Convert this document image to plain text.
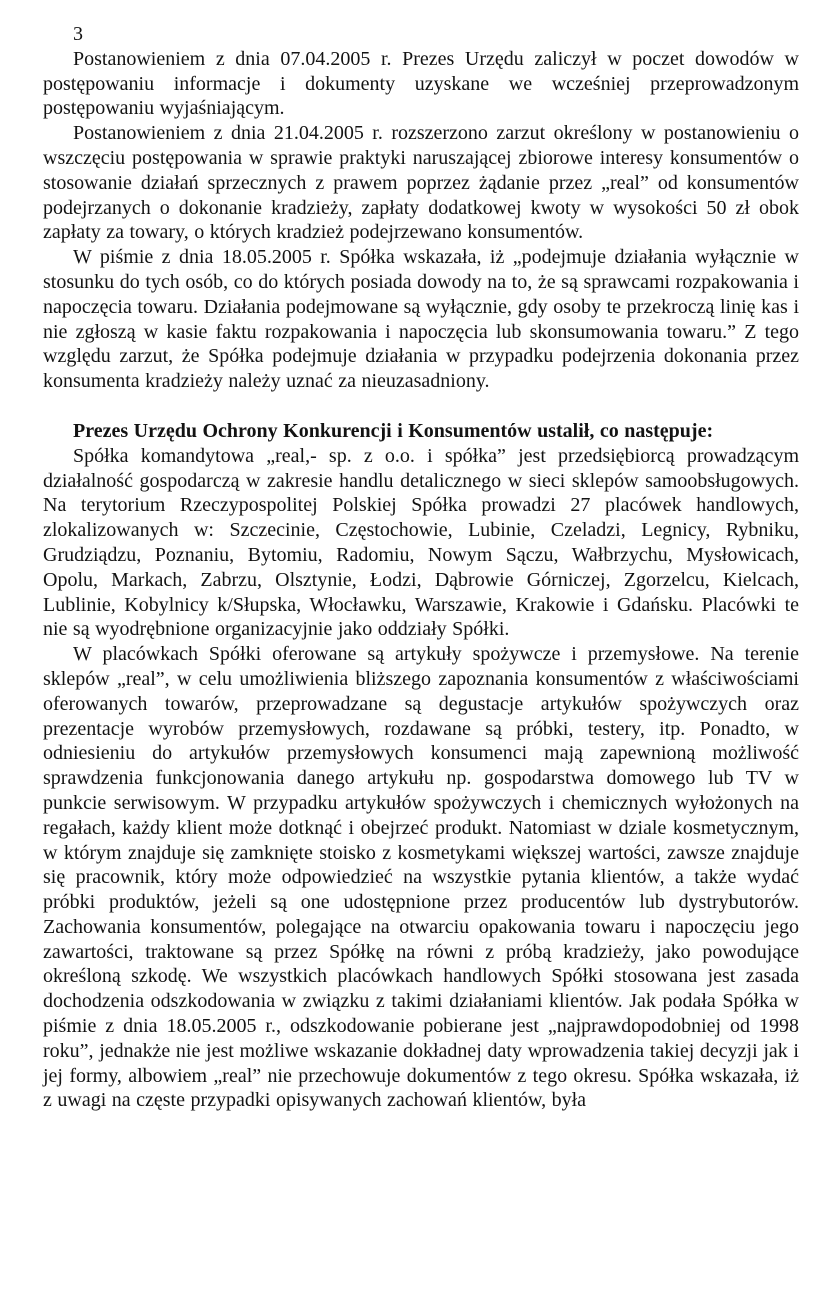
3

Postanowieniem z dnia 07.04.2005 r. Prezes Urzędu zaliczył w poczet dowodów w postępowaniu informacje i dokumenty uzyskane we wcześniej przeprowadzonym postępowaniu wyjaśniającym.

Postanowieniem z dnia 21.04.2005 r. rozszerzono zarzut określony w postanowieniu o wszczęciu postępowania w sprawie praktyki naruszającej zbiorowe interesy konsumentów o stosowanie działań sprzecznych z prawem poprzez żądanie przez „real” od konsumentów podejrzanych o dokonanie kradzieży, zapłaty dodatkowej kwoty w wysokości 50 zł obok zapłaty za towary, o których kradzież podejrzewano konsumentów.

W piśmie z dnia 18.05.2005 r. Spółka wskazała, iż „podejmuje działania wyłącznie w stosunku do tych osób, co do których posiada dowody na to, że są sprawcami rozpakowania i napoczęcia towaru. Działania podejmowane są wyłącznie, gdy osoby te przekroczą linię kas i nie zgłoszą w kasie faktu rozpakowania i napoczęcia lub skonsumowania towaru.” Z tego względu zarzut, że Spółka podejmuje działania w przypadku podejrzenia dokonania przez konsumenta kradzieży należy uznać za nieuzasadniony.

Prezes Urzędu Ochrony Konkurencji i Konsumentów ustalił, co następuje:

Spółka komandytowa „real,- sp. z o.o. i spółka” jest przedsiębiorcą prowadzącym działalność gospodarczą w zakresie handlu detalicznego w sieci sklepów samoobsługowych. Na terytorium Rzeczypospolitej Polskiej Spółka prowadzi 27 placówek handlowych, zlokalizowanych w: Szczecinie, Częstochowie, Lubinie, Czeladzi, Legnicy, Rybniku, Grudziądzu, Poznaniu, Bytomiu, Radomiu, Nowym Sączu, Wałbrzychu, Mysłowicach, Opolu, Markach, Zabrzu, Olsztynie, Łodzi, Dąbrowie Górniczej, Zgorzelcu, Kielcach, Lublinie, Kobylnicy k/Słupska, Włocławku, Warszawie, Krakowie i Gdańsku. Placówki te nie są wyodrębnione organizacyjnie jako oddziały Spółki.

W placówkach Spółki oferowane są artykuły spożywcze i przemysłowe. Na terenie sklepów „real”, w celu umożliwienia bliższego zapoznania konsumentów z właściwościami oferowanych towarów, przeprowadzane są degustacje artykułów spożywczych oraz prezentacje wyrobów przemysłowych, rozdawane są próbki, testery, itp. Ponadto, w odniesieniu do artykułów przemysłowych konsumenci mają zapewnioną możliwość sprawdzenia funkcjonowania danego artykułu np. gospodarstwa domowego lub TV w punkcie serwisowym. W przypadku artykułów spożywczych i chemicznych wyłożonych na regałach, każdy klient może dotknąć i obejrzeć produkt. Natomiast w dziale kosmetycznym, w którym znajduje się zamknięte stoisko z kosmetykami większej wartości, zawsze znajduje się pracownik, który może odpowiedzieć na wszystkie pytania klientów, a także wydać próbki produktów, jeżeli są one udostępnione przez producentów lub dystrybutorów. Zachowania konsumentów, polegające na otwarciu opakowania towaru i napoczęciu jego zawartości, traktowane są przez Spółkę na równi z próbą kradzieży, jako powodujące określoną szkodę. We wszystkich placówkach handlowych Spółki stosowana jest zasada dochodzenia odszkodowania w związku z takimi działaniami klientów. Jak podała Spółka w piśmie z dnia 18.05.2005 r., odszkodowanie pobierane jest „najprawdopodobniej od 1998 roku”, jednakże nie jest możliwe wskazanie dokładnej daty wprowadzenia takiej decyzji jak i jej formy, albowiem „real” nie przechowuje dokumentów z tego okresu. Spółka wskazała, iż z uwagi na częste przypadki opisywanych zachowań klientów, była
